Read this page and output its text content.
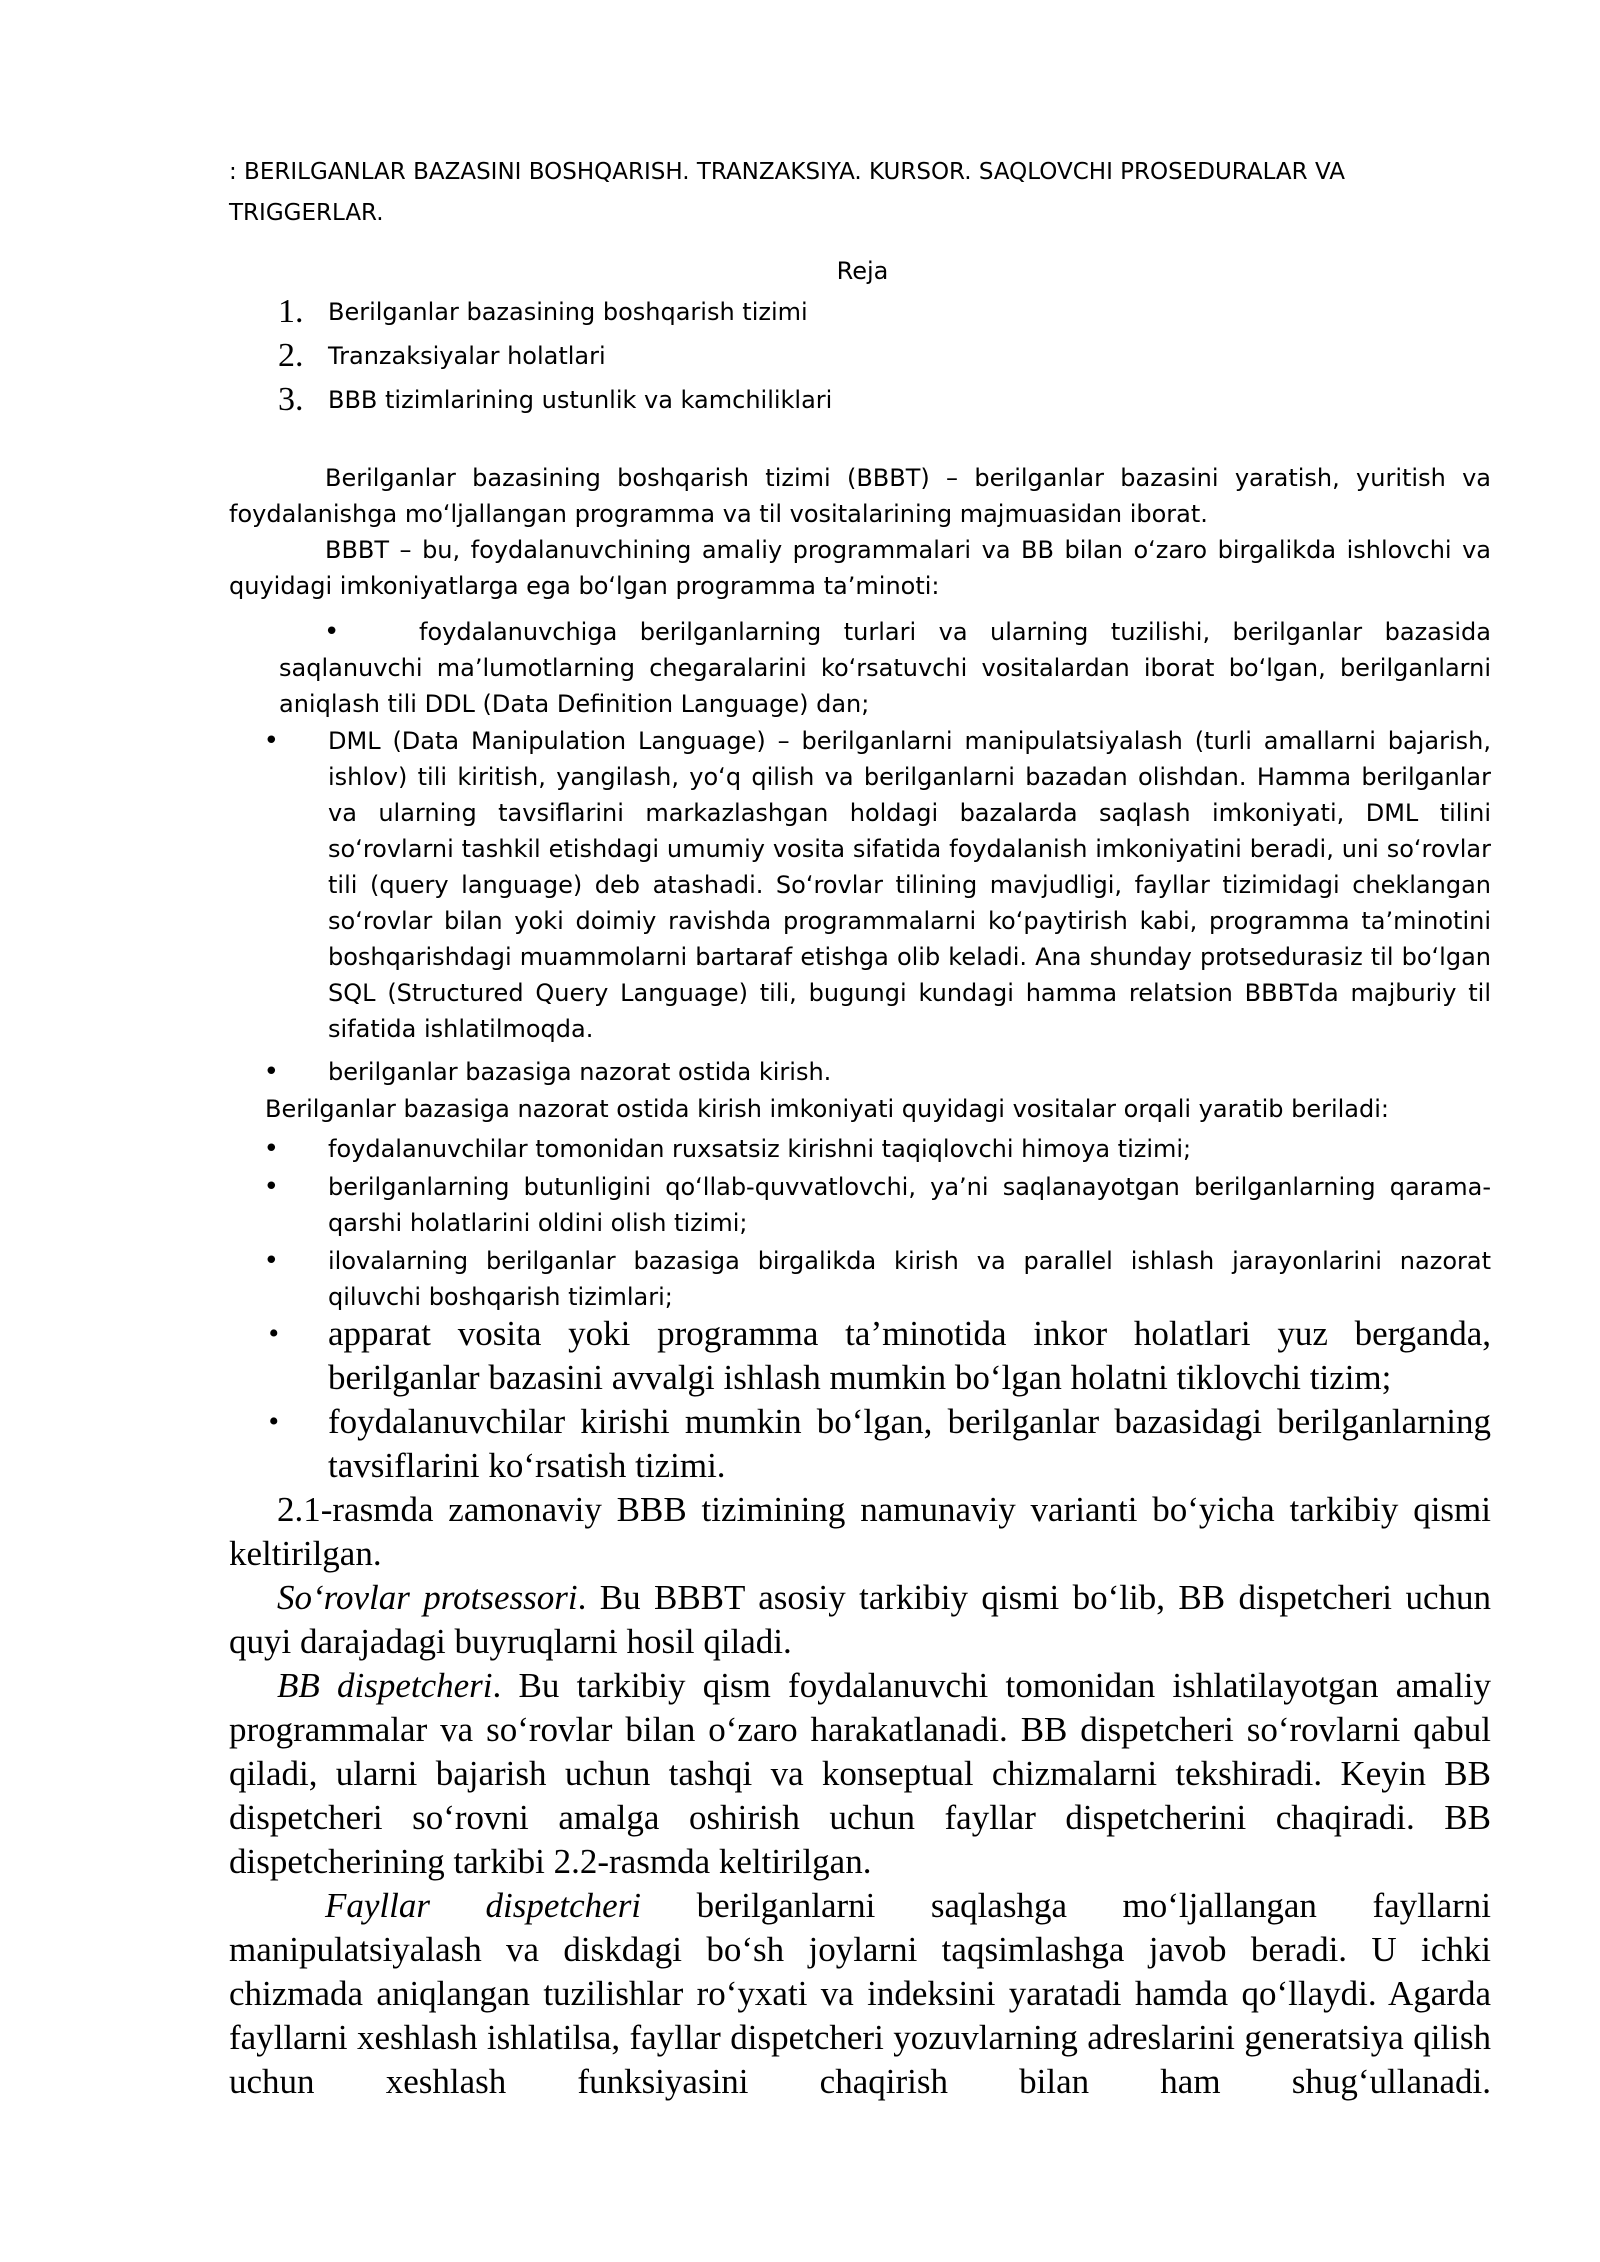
: BERILGANLAR BAZASINI BOSHQARISH. TRANZAKSIYA. KURSOR. SAQLOVCHI PROSEDURALAR VA TRIGGERLAR.
Reja
1.	Berilganlar bazasining boshqarish tizimi
2.	Tranzaksiyalar holatlari
3.	BBB tizimlarining ustunlik va kamchiliklari
Berilganlar bazasining boshqarish tizimi (BBBT) – berilganlar bazasini yaratish, yuritish va foydalanishga moʻljallangan programma va til vositalarining majmuasidan iborat.
BBBT – bu, foydalanuvchining amaliy programmalari va BB bilan oʻzaro birgalikda ishlovchi va quyidagi imkoniyatlarga ega boʻlgan programma ta’minoti:
•	foydalanuvchiga berilganlarning turlari va ularning tuzilishi, berilganlar bazasida saqlanuvchi ma’lumotlarning chegaralarini koʻrsatuvchi vositalardan iborat boʻlgan, berilganlarni aniqlash tili DDL (Data Definition Language) dan;
• DML (Data Manipulation Language) – berilganlarni manipulatsiyalash (turli amallarni bajarish, ishlov) tili kiritish, yangilash, yoʻq qilish va berilganlarni bazadan olishdan. Hamma berilganlar va ularning tavsiflarini markazlashgan holdagi bazalarda saqlash imkoniyati, DML tilini soʻrovlarni tashkil etishdagi umumiy vosita sifatida foydalanish imkoniyatini beradi, uni soʻrovlar tili (query language) deb atashadi. Soʻrovlar tilining mavjudligi, fayllar tizimidagi cheklangan soʻrovlar bilan yoki doimiy ravishda programmalarni koʻpaytirish kabi, programma ta’minotini boshqarishdagi muammolarni bartaraf etishga olib keladi. Ana shunday protsedurasiz til boʻlgan SQL (Structured Query Language) tili, bugungi kundagi hamma relatsion BBBTda majburiy til sifatida ishlatilmoqda.
• berilganlar bazasiga nazorat ostida kirish.
Berilganlar bazasiga nazorat ostida kirish imkoniyati quyidagi vositalar orqali yaratib beriladi:
• foydalanuvchilar tomonidan ruxsatsiz kirishni taqiqlovchi himoya tizimi;
• berilganlarning butunligini qoʻllab-quvvatlovchi, ya’ni saqlanayotgan berilganlarning qarama-qarshi holatlarini oldini olish tizimi;
• ilovalarning berilganlar bazasiga birgalikda kirish va parallel ishlash jarayonlarini nazorat qiluvchi boshqarish tizimlari;
• apparat vosita yoki programma ta’minotida inkor holatlari yuz berganda, berilganlar bazasini avvalgi ishlash mumkin boʻlgan holatni tiklovchi tizim;
• foydalanuvchilar kirishi mumkin boʻlgan, berilganlar bazasidagi berilganlarning tavsiflarini koʻrsatish tizimi.
2.1-rasmda zamonaviy BBB tizimining namunaviy varianti boʻyicha tarkibiy qismi keltirilgan.
Soʻrovlar protsessori. Bu BBBT asosiy tarkibiy qismi boʻlib, BB dispetcheri uchun quyi darajadagi buyruqlarni hosil qiladi.
BB dispetcheri. Bu tarkibiy qism foydalanuvchi tomonidan ishlatilayotgan amaliy programmalar va soʻrovlar bilan oʻzaro harakatlanadi. BB dispetcheri soʻrovlarni qabul qiladi, ularni bajarish uchun tashqi va konseptual chizmalarni tekshiradi. Keyin BB dispetcheri soʻrovni amalga oshirish uchun fayllar dispetcherini chaqiradi. BB dispetcherining tarkibi 2.2-rasmda keltirilgan.
Fayllar dispetcheri berilganlarni saqlashga moʻljallangan fayllarni manipulatsiyalash va diskdagi boʻsh joylarni taqsimlashga javob beradi. U ichki chizmada aniqlangan tuzilishlar roʻyxati va indeksini yaratadi hamda qoʻllaydi. Agarda fayllarni xeshlash ishlatilsa, fayllar dispetcheri yozuvlarning adreslarini generatsiya qilish uchun xeshlash funksiyasini chaqirish bilan ham shugʻullanadi.
